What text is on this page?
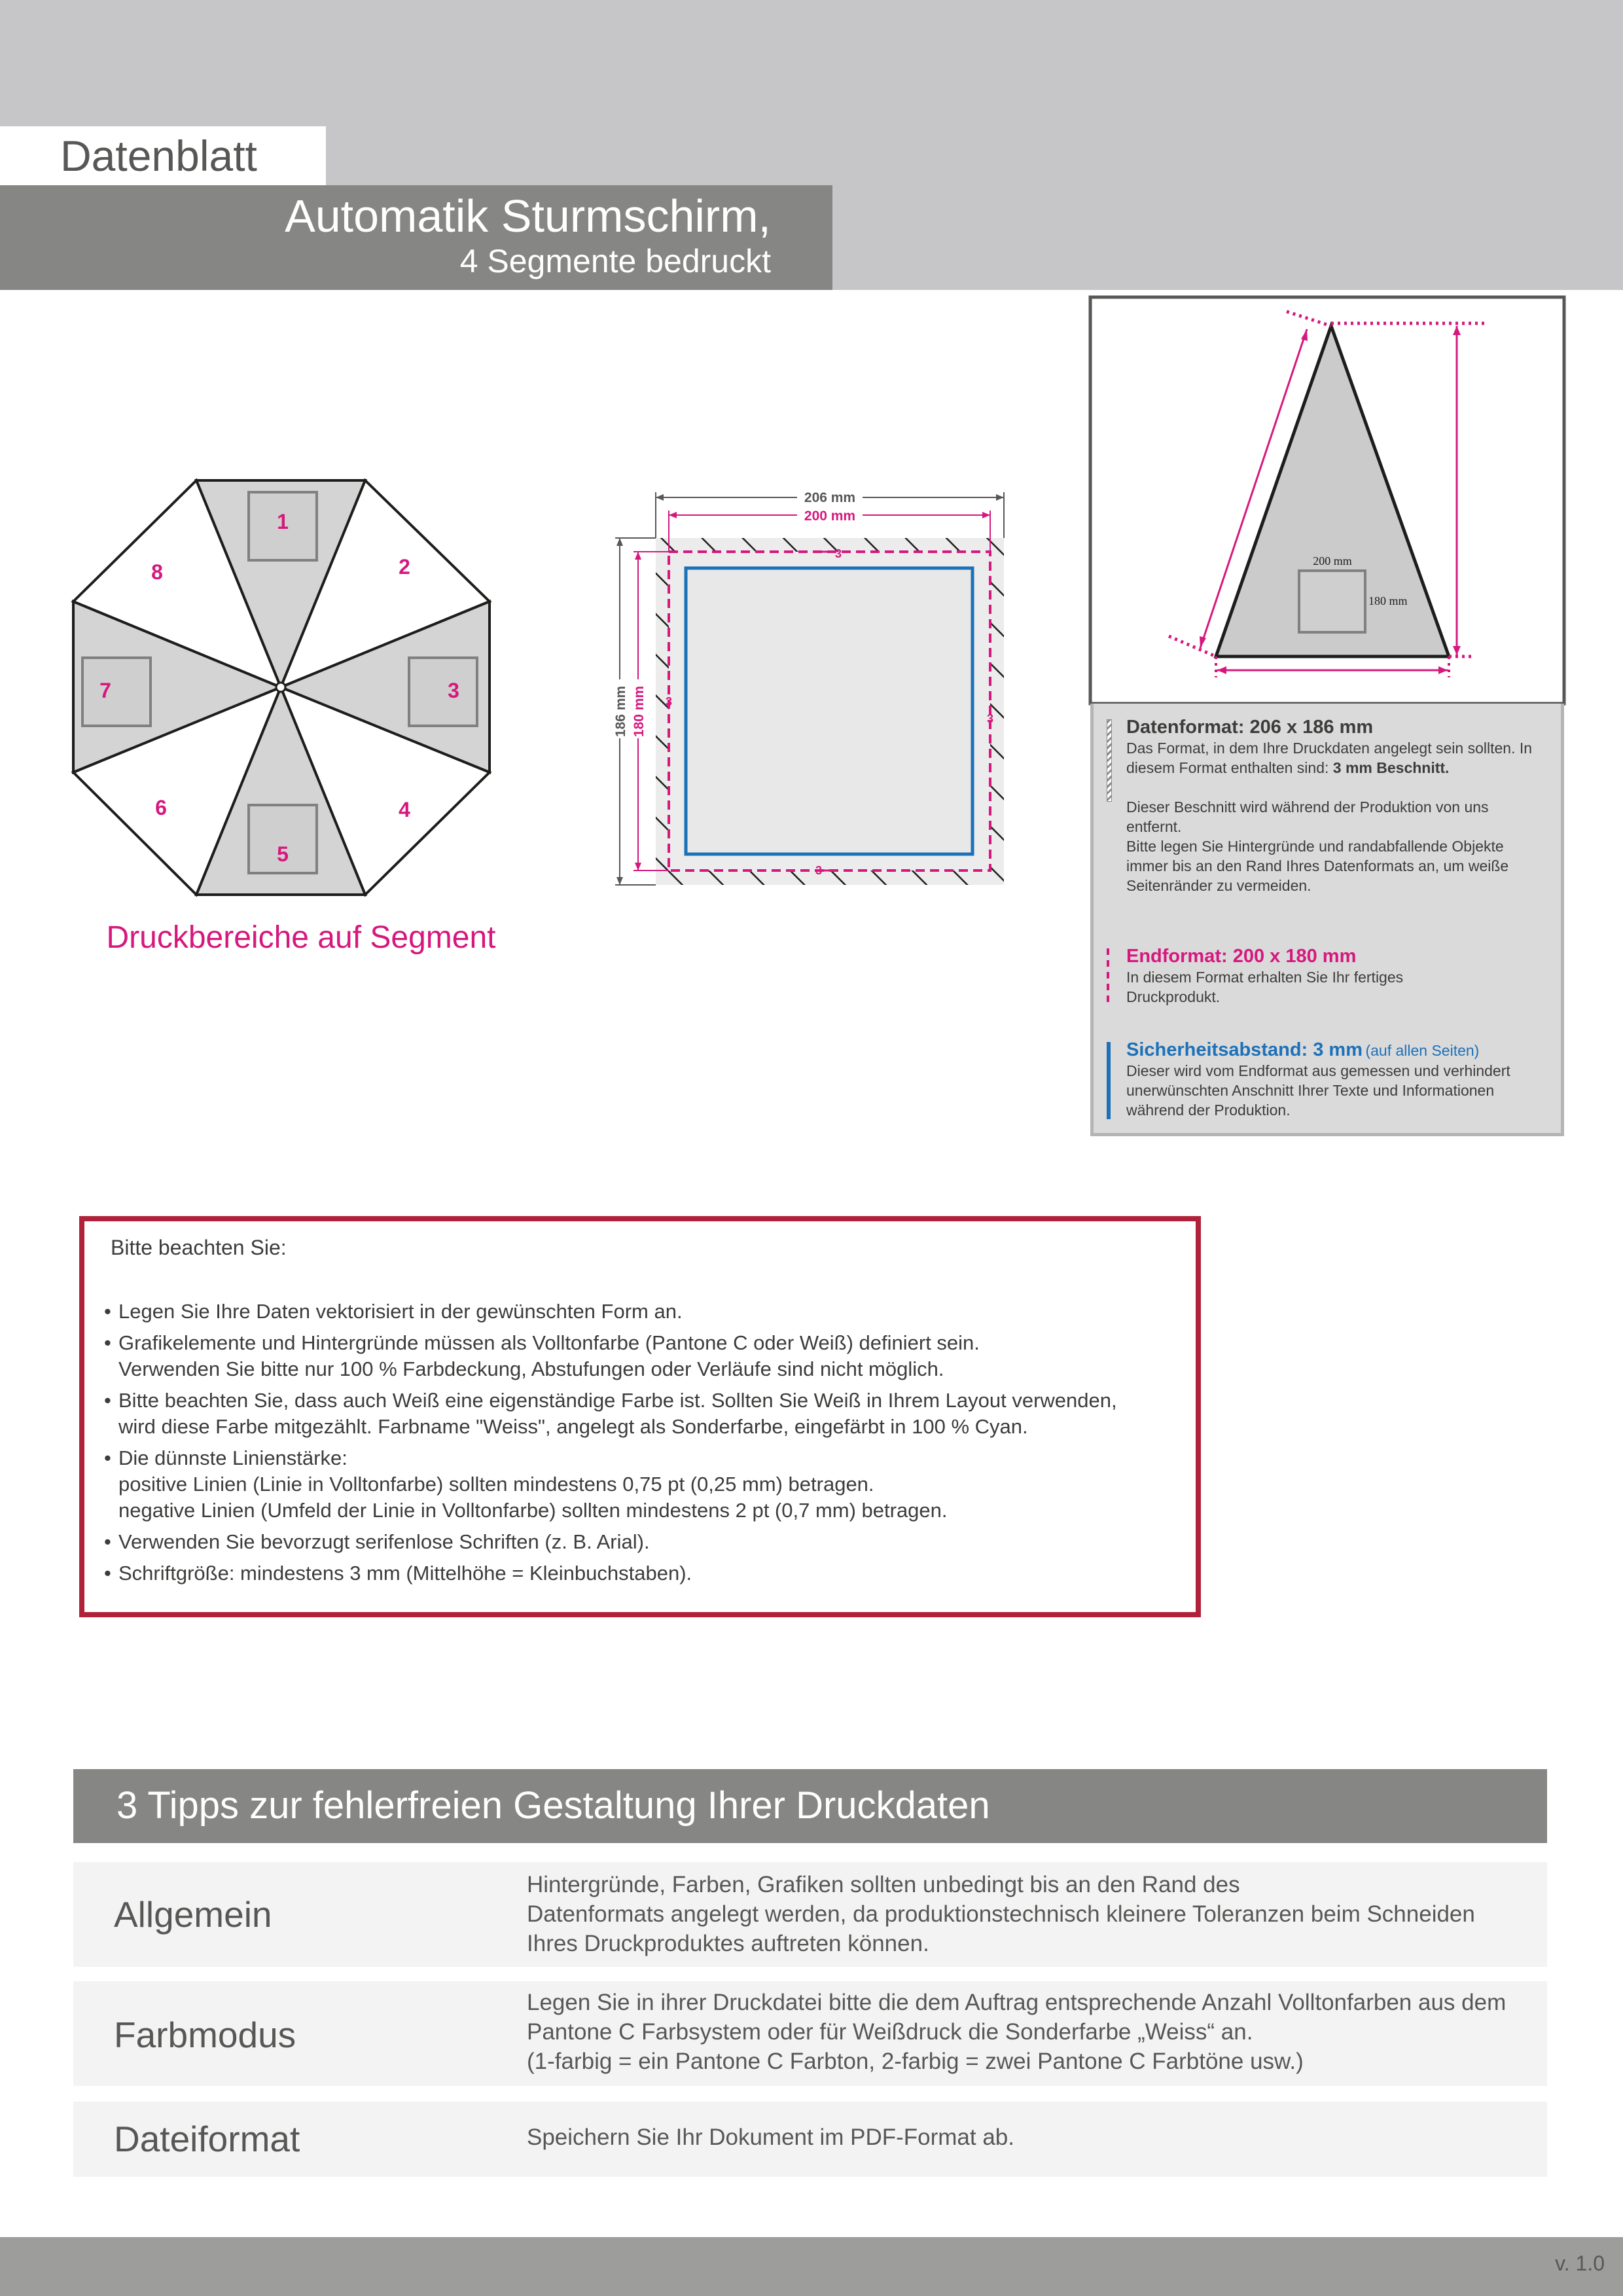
Datenblatt
Automatik Sturmschirm,
4 Segmente bedruckt
1
2
3
4
5
6
7
8
Druckbereiche auf Segment
206 mm
200 mm
186 mm 180 mm
3
3
3
3
200 mm
180 mm
Datenformat: 206 x 186 mm
Das Format, in dem Ihre Druckdaten angelegt sein sollten. In
diesem Format enthalten sind: 3 mm Beschnitt.
Dieser Beschnitt wird während der Produktion von uns
entfernt.
Bitte legen Sie Hintergründe und randabfallende Objekte
immer bis an den Rand Ihres Datenformats an, um weiße
Seitenränder zu vermeiden.
Endformat: 200 x 180 mm
In diesem Format erhalten Sie Ihr fertiges
Druckprodukt.
Sicherheitsabstand: 3 mm (auf allen Seiten)
Dieser wird vom Endformat aus gemessen und verhindert
unerwünschten Anschnitt Ihrer Texte und Informationen
während der Produktion.
Bitte beachten Sie:
• Legen Sie Ihre Daten vektorisiert in der gewünschten Form an.
• Grafikelemente und Hintergründe müssen als Volltonfarbe (Pantone C oder Weiß) definiert sein.
Verwenden Sie bitte nur 100 % Farbdeckung, Abstufungen oder Verläufe sind nicht möglich.
• Bitte beachten Sie, dass auch Weiß eine eigenständige Farbe ist. Sollten Sie Weiß in Ihrem Layout verwenden,
wird diese Farbe mitgezählt. Farbname "Weiss", angelegt als Sonderfarbe, eingefärbt in 100 % Cyan.
• Die dünnste Linienstärke:
positive Linien (Linie in Volltonfarbe) sollten mindestens 0,75 pt (0,25 mm) betragen.
negative Linien (Umfeld der Linie in Volltonfarbe) sollten mindestens 2 pt (0,7 mm) betragen.
• Verwenden Sie bevorzugt serifenlose Schriften (z. B. Arial).
• Schriftgröße: mindestens 3 mm (Mittelhöhe = Kleinbuchstaben).
3 Tipps zur fehlerfreien Gestaltung Ihrer Druckdaten
Allgemein
Hintergründe, Farben, Grafiken sollten unbedingt bis an den Rand des
Datenformats angelegt werden, da produktionstechnisch kleinere Toleranzen beim Schneiden
Ihres Druckproduktes auftreten können.
Farbmodus
Legen Sie in ihrer Druckdatei bitte die dem Auftrag entsprechende Anzahl Volltonfarben aus dem
Pantone C Farbsystem oder für Weißdruck die Sonderfarbe „Weiss“ an.
(1-farbig = ein Pantone C Farbton, 2-farbig = zwei Pantone C Farbtöne usw.)
Dateiformat	Speichern Sie Ihr Dokument im PDF-Format ab.
v. 1.0
